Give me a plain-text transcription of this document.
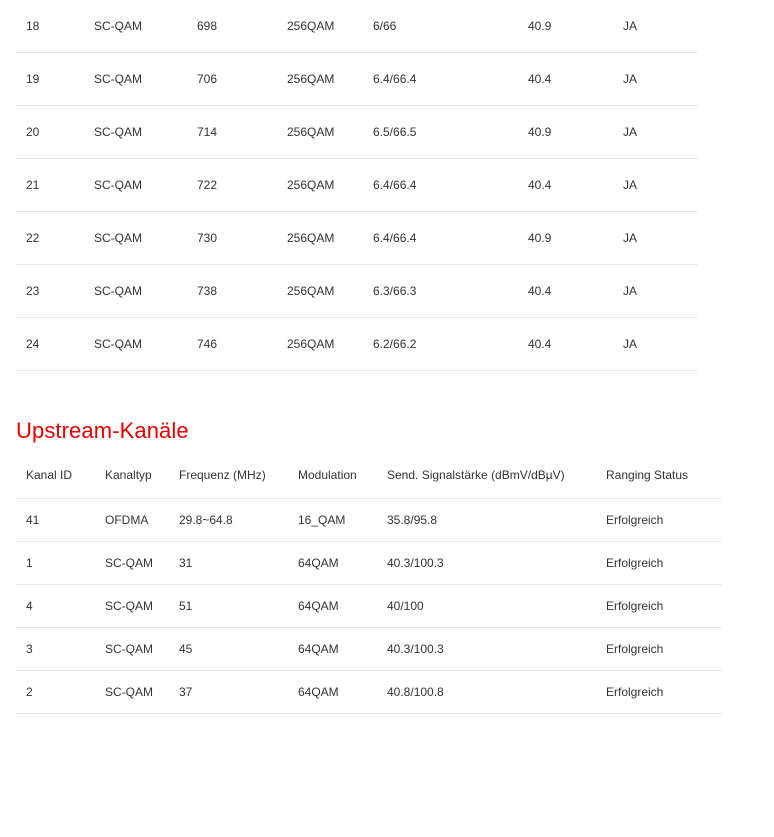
18	SC-QAM	698	256QAM	6/66	40.9	JA
19	SC-QAM	706	256QAM	6.4/66.4	40.4	JA
20	SC-QAM	714	256QAM	6.5/66.5	40.9	JA
21	SC-QAM	722	256QAM	6.4/66.4	40.4	JA
22	SC-QAM	730	256QAM	6.4/66.4	40.9	JA
23	SC-QAM	738	256QAM	6.3/66.3	40.4	JA
24	SC-QAM	746	256QAM	6.2/66.2	40.4	JA
Upstream-Kanäle
Kanal ID	Kanaltyp	Frequenz (MHz)	Modulation	Send. Signalstärke (dBmV/dBµV)	Ranging Status
41	OFDMA	29.8~64.8	16_QAM	35.8/95.8	Erfolgreich
1	SC-QAM	31	64QAM	40.3/100.3	Erfolgreich
4	SC-QAM	51	64QAM	40/100	Erfolgreich
3	SC-QAM	45	64QAM	40.3/100.3	Erfolgreich
2	SC-QAM	37	64QAM	40.8/100.8	Erfolgreich
